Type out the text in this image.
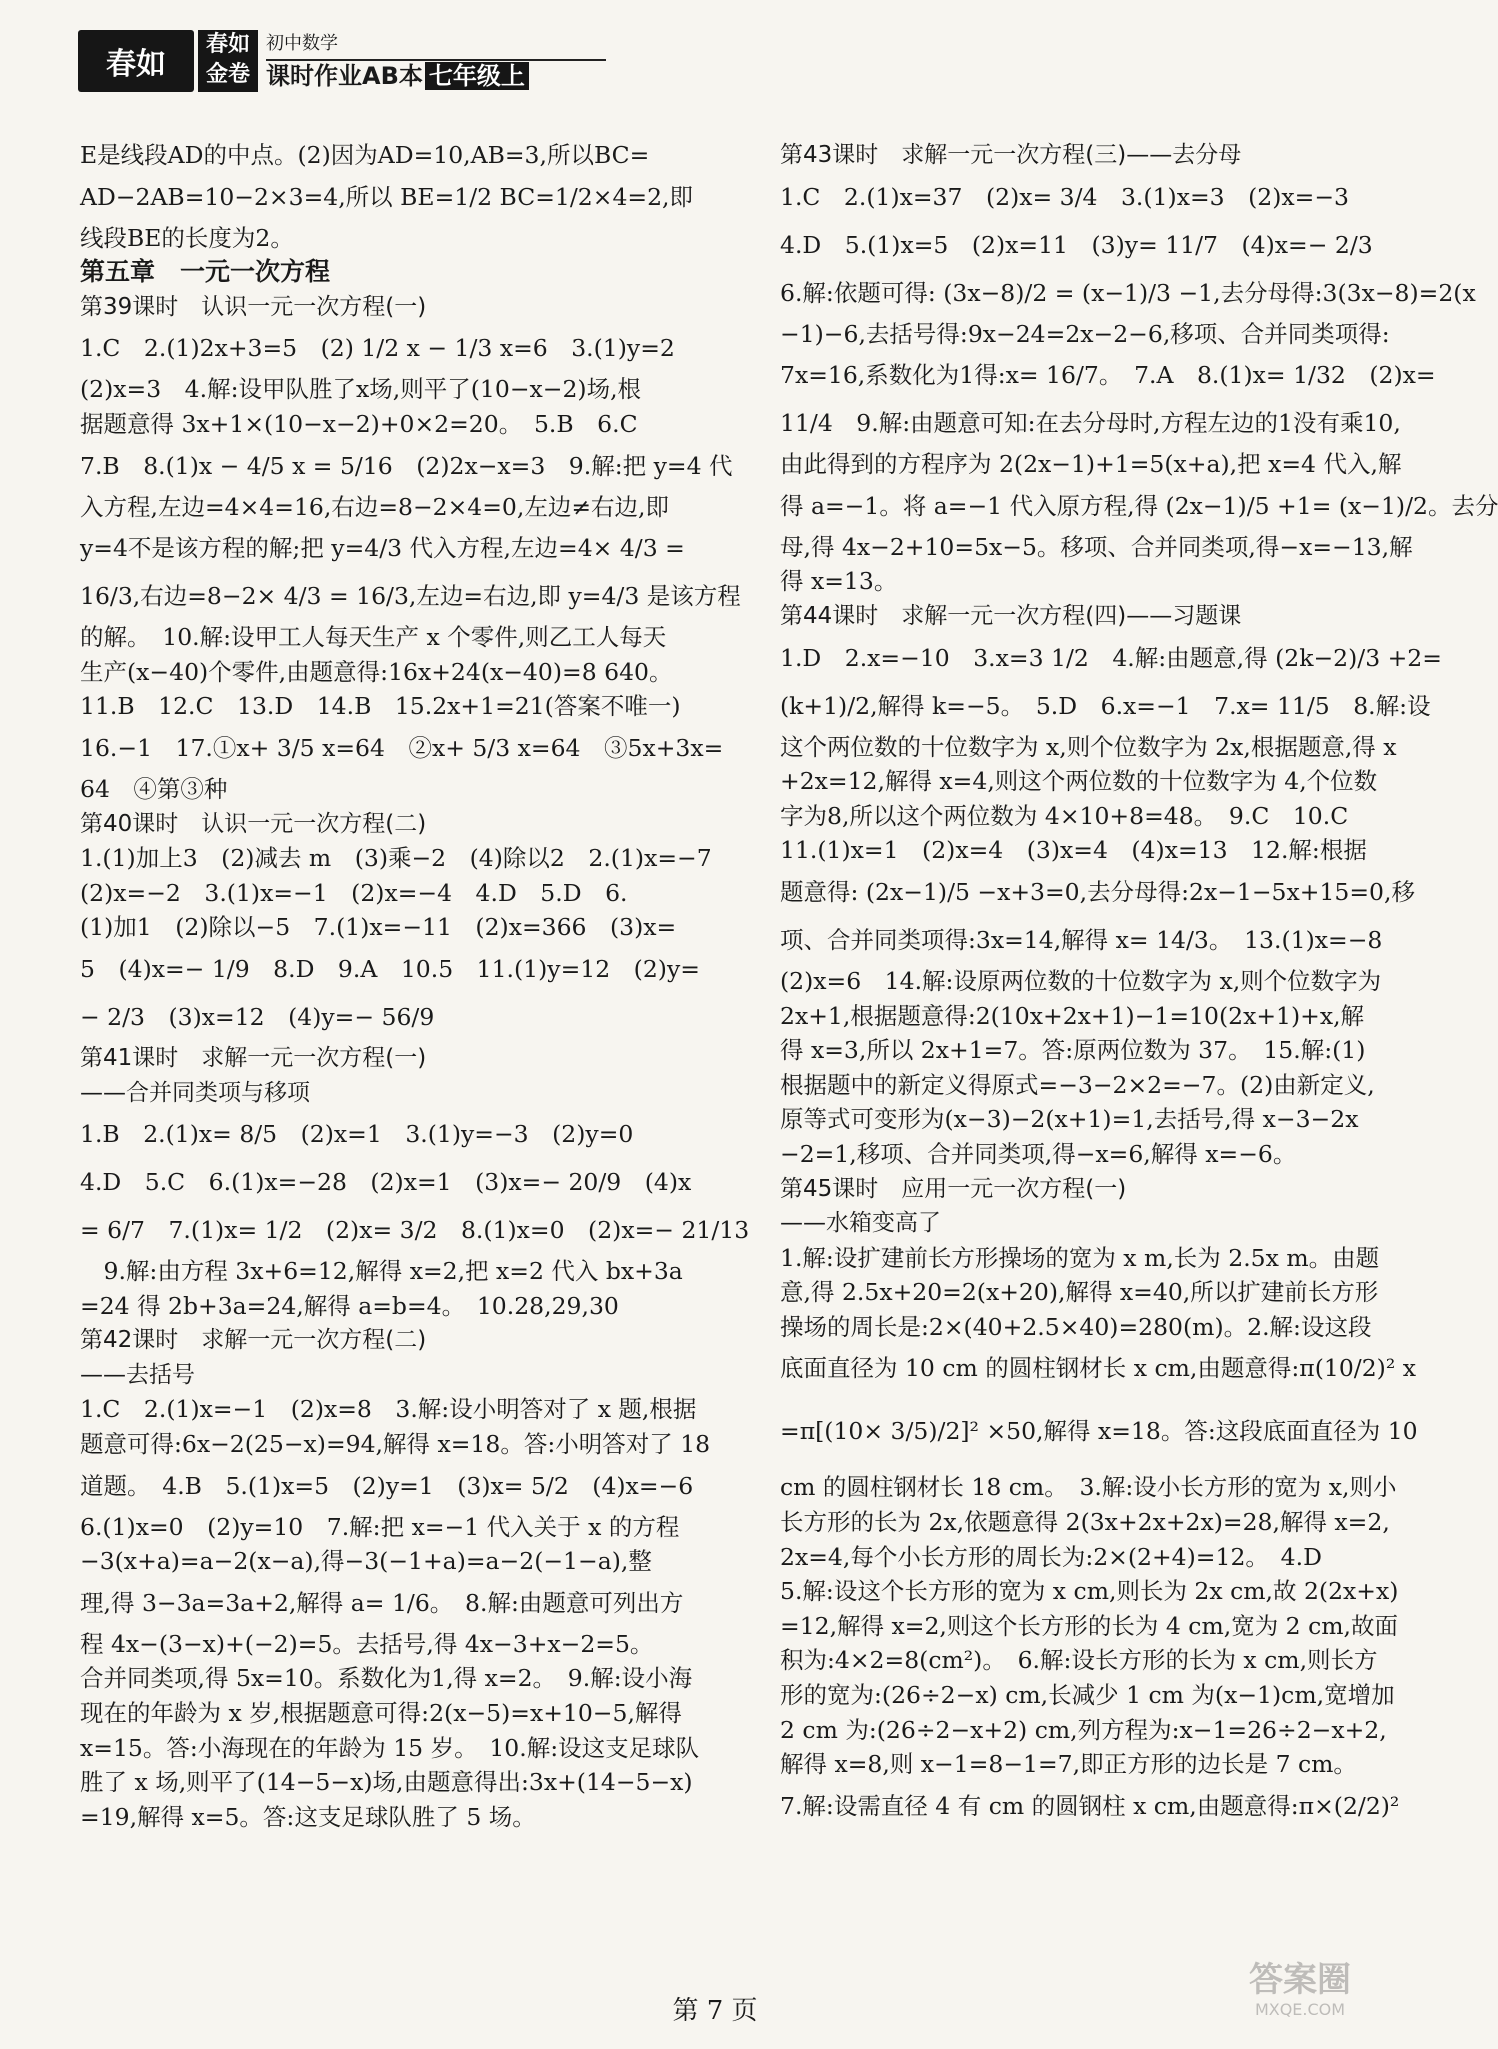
春如
春如
金卷
初中数学
课时作业AB本 七年级上
E是线段AD的中点。(2)因为AD=10,AB=3,所以BC=
AD−2AB=10−2×3=4,所以 BE=1/2 BC=1/2×4=2,即
线段BE的长度为2。
第五章　一元一次方程
第39课时　认识一元一次方程(一)
1.C　2.(1)2x+3=5　(2) 1/2 x − 1/3 x=6　3.(1)y=2
(2)x=3　4.解:设甲队胜了x场,则平了(10−x−2)场,根
据题意得 3x+1×(10−x−2)+0×2=20。　5.B　6.C
7.B　8.(1)x − 4/5 x = 5/16　(2)2x−x=3　9.解:把 y=4 代
入方程,左边=4×4=16,右边=8−2×4=0,左边≠右边,即
y=4不是该方程的解;把 y=4/3 代入方程,左边=4× 4/3 =
16/3,右边=8−2× 4/3 = 16/3,左边=右边,即 y=4/3 是该方程
的解。　10.解:设甲工人每天生产 x 个零件,则乙工人每天
生产(x−40)个零件,由题意得:16x+24(x−40)=8 640。
11.B　12.C　13.D　14.B　15.2x+1=21(答案不唯一)
16.−1　17.①x+ 3/5 x=64　②x+ 5/3 x=64　③5x+3x=
64　④第③种
第40课时　认识一元一次方程(二)
1.(1)加上3　(2)减去 m　(3)乘−2　(4)除以2　2.(1)x=−7
(2)x=−2　3.(1)x=−1　(2)x=−4　4.D　5.D　6.
(1)加1　(2)除以−5　7.(1)x=−11　(2)x=366　(3)x=
5　(4)x=− 1/9　8.D　9.A　10.5　11.(1)y=12　(2)y=
− 2/3　(3)x=12　(4)y=− 56/9
第41课时　求解一元一次方程(一)
——合并同类项与移项
1.B　2.(1)x= 8/5　(2)x=1　3.(1)y=−3　(2)y=0
4.D　5.C　6.(1)x=−28　(2)x=1　(3)x=− 20/9　(4)x
= 6/7　7.(1)x= 1/2　(2)x= 3/2　8.(1)x=0　(2)x=− 21/13
　9.解:由方程 3x+6=12,解得 x=2,把 x=2 代入 bx+3a
=24 得 2b+3a=24,解得 a=b=4。　10.28,29,30
第42课时　求解一元一次方程(二)
——去括号
1.C　2.(1)x=−1　(2)x=8　3.解:设小明答对了 x 题,根据
题意可得:6x−2(25−x)=94,解得 x=18。答:小明答对了 18
道题。　4.B　5.(1)x=5　(2)y=1　(3)x= 5/2　(4)x=−6
6.(1)x=0　(2)y=10　7.解:把 x=−1 代入关于 x 的方程
−3(x+a)=a−2(x−a),得−3(−1+a)=a−2(−1−a),整
理,得 3−3a=3a+2,解得 a= 1/6。　8.解:由题意可列出方
程 4x−(3−x)+(−2)=5。去括号,得 4x−3+x−2=5。
合并同类项,得 5x=10。系数化为1,得 x=2。　9.解:设小海
现在的年龄为 x 岁,根据题意可得:2(x−5)=x+10−5,解得
x=15。答:小海现在的年龄为 15 岁。　10.解:设这支足球队
胜了 x 场,则平了(14−5−x)场,由题意得出:3x+(14−5−x)
=19,解得 x=5。答:这支足球队胜了 5 场。
第43课时　求解一元一次方程(三)——去分母
1.C　2.(1)x=37　(2)x= 3/4　3.(1)x=3　(2)x=−3
4.D　5.(1)x=5　(2)x=11　(3)y= 11/7　(4)x=− 2/3
6.解:依题可得: (3x−8)/2 = (x−1)/3 −1,去分母得:3(3x−8)=2(x
−1)−6,去括号得:9x−24=2x−2−6,移项、合并同类项得:
7x=16,系数化为1得:x= 16/7。　7.A　8.(1)x= 1/32　(2)x=
11/4　9.解:由题意可知:在去分母时,方程左边的1没有乘10,
由此得到的方程序为 2(2x−1)+1=5(x+a),把 x=4 代入,解
得 a=−1。将 a=−1 代入原方程,得 (2x−1)/5 +1= (x−1)/2。去分
母,得 4x−2+10=5x−5。移项、合并同类项,得−x=−13,解
得 x=13。
第44课时　求解一元一次方程(四)——习题课
1.D　2.x=−10　3.x=3 1/2　4.解:由题意,得 (2k−2)/3 +2=
(k+1)/2,解得 k=−5。　5.D　6.x=−1　7.x= 11/5　8.解:设
这个两位数的十位数字为 x,则个位数字为 2x,根据题意,得 x
+2x=12,解得 x=4,则这个两位数的十位数字为 4,个位数
字为8,所以这个两位数为 4×10+8=48。　9.C　10.C
11.(1)x=1　(2)x=4　(3)x=4　(4)x=13　12.解:根据
题意得: (2x−1)/5 −x+3=0,去分母得:2x−1−5x+15=0,移
项、合并同类项得:3x=14,解得 x= 14/3。　13.(1)x=−8
(2)x=6　14.解:设原两位数的十位数字为 x,则个位数字为
2x+1,根据题意得:2(10x+2x+1)−1=10(2x+1)+x,解
得 x=3,所以 2x+1=7。答:原两位数为 37。　15.解:(1)
根据题中的新定义得原式=−3−2×2=−7。(2)由新定义,
原等式可变形为(x−3)−2(x+1)=1,去括号,得 x−3−2x
−2=1,移项、合并同类项,得−x=6,解得 x=−6。
第45课时　应用一元一次方程(一)
——水箱变高了
1.解:设扩建前长方形操场的宽为 x m,长为 2.5x m。由题
意,得 2.5x+20=2(x+20),解得 x=40,所以扩建前长方形
操场的周长是:2×(40+2.5×40)=280(m)。2.解:设这段
底面直径为 10 cm 的圆柱钢材长 x cm,由题意得:π(10/2)² x
=π[(10× 3/5)/2]² ×50,解得 x=18。答:这段底面直径为 10
cm 的圆柱钢材长 18 cm。　3.解:设小长方形的宽为 x,则小
长方形的长为 2x,依题意得 2(3x+2x+2x)=28,解得 x=2,
2x=4,每个小长方形的周长为:2×(2+4)=12。　4.D
5.解:设这个长方形的宽为 x cm,则长为 2x cm,故 2(2x+x)
=12,解得 x=2,则这个长方形的长为 4 cm,宽为 2 cm,故面
积为:4×2=8(cm²)。　6.解:设长方形的长为 x cm,则长方
形的宽为:(26÷2−x) cm,长减少 1 cm 为(x−1)cm,宽增加
2 cm 为:(26÷2−x+2) cm,列方程为:x−1=26÷2−x+2,
解得 x=8,则 x−1=8−1=7,即正方形的边长是 7 cm。
7.解:设需直径 4 有 cm 的圆钢柱 x cm,由题意得:π×(2/2)²
第 7 页
答案圈
MXQE.COM
